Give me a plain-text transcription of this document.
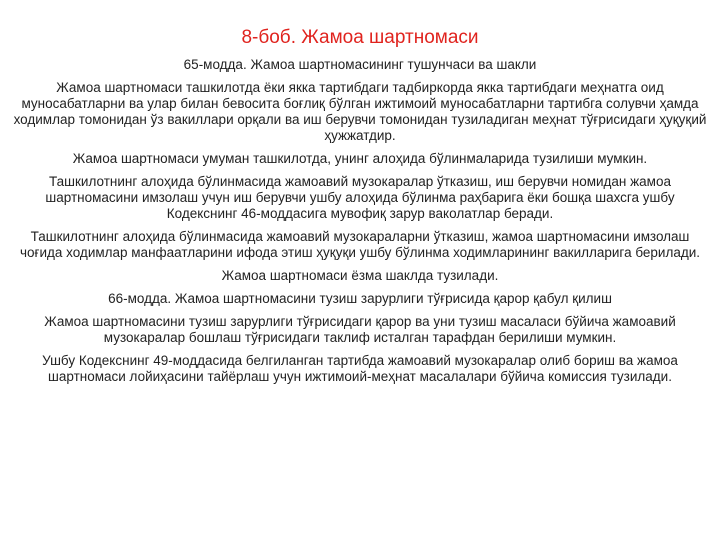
8-боб. Жамоа шартномаси

65-модда. Жамоа шартномасининг тушунчаси ва шакли

Жамоа шартномаси ташкилотда ёки якка тартибдаги тадбиркорда якка тартибдаги меҳнатга оид муносабатларни ва улар билан бевосита боғлиқ бўлган ижтимоий муносабатларни тартибга солувчи ҳамда ходимлар томонидан ўз вакиллари орқали ва иш берувчи томонидан тузиладиган меҳнат тўғрисидаги ҳуқуқий ҳужжатдир.

Жамоа шартномаси умуман ташкилотда, унинг алоҳида бўлинмаларида тузилиши мумкин.

Ташкилотнинг алоҳида бўлинмасида жамоавий музокаралар ўтказиш, иш берувчи номидан жамоа шартномасини имзолаш учун иш берувчи ушбу алоҳида бўлинма раҳбарига ёки бошқа шахсга ушбу Кодекснинг 46-моддасига мувофиқ зарур ваколатлар беради.

Ташкилотнинг алоҳида бўлинмасида жамоавий музокараларни ўтказиш, жамоа шартномасини имзолаш чоғида ходимлар манфаатларини ифода этиш ҳуқуқи ушбу бўлинма ходимларининг вакилларига берилади.

Жамоа шартномаси ёзма шаклда тузилади.

66-модда. Жамоа шартномасини тузиш зарурлиги тўғрисида қарор қабул қилиш

Жамоа шартномасини тузиш зарурлиги тўғрисидаги қарор ва уни тузиш масаласи бўйича жамоавий музокаралар бошлаш тўғрисидаги таклиф исталган тарафдан берилиши мумкин.

Ушбу Кодекснинг 49-моддасида белгиланган тартибда жамоавий музокаралар олиб бориш ва жамоа шартномаси лойиҳасини тайёрлаш учун ижтимоий-меҳнат масалалари бўйича комиссия тузилади.
